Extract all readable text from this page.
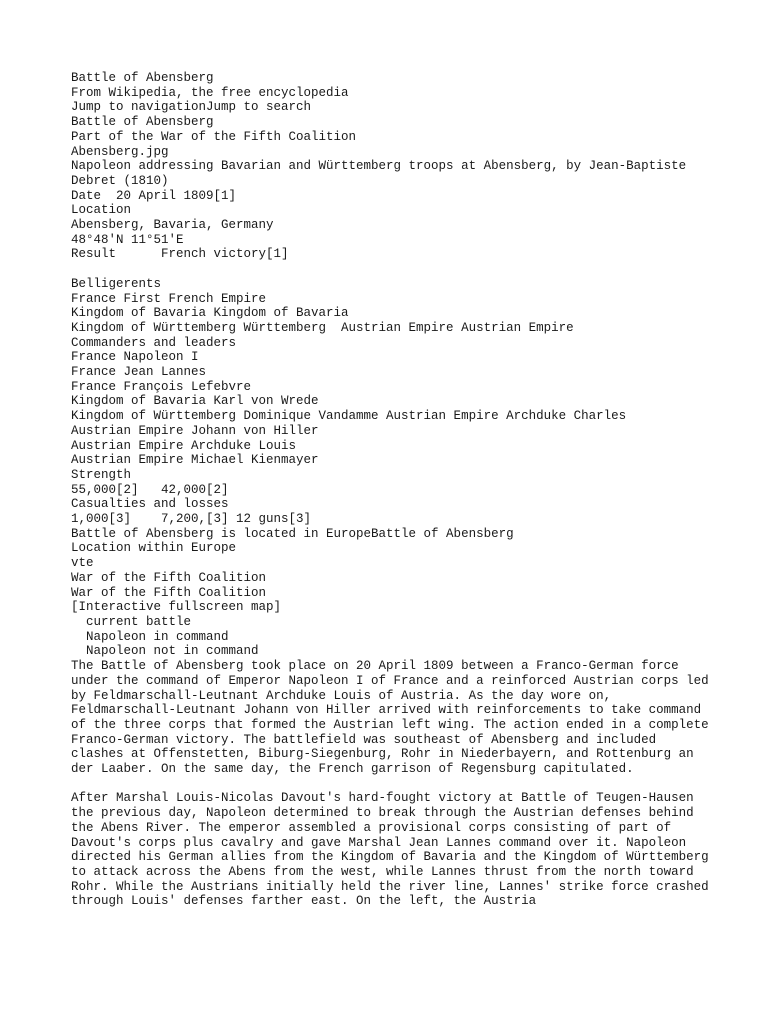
Battle of Abensberg
From Wikipedia, the free encyclopedia
Jump to navigationJump to search
Battle of Abensberg
Part of the War of the Fifth Coalition
Abensberg.jpg
Napoleon addressing Bavarian and Württemberg troops at Abensberg, by Jean-Baptiste
Debret (1810)
Date  20 April 1809[1]
Location
Abensberg, Bavaria, Germany
48°48′N 11°51′E
Result      French victory[1]
Belligerents
France First French Empire
Kingdom of Bavaria Kingdom of Bavaria
Kingdom of Württemberg Württemberg  Austrian Empire Austrian Empire
Commanders and leaders
France Napoleon I
France Jean Lannes
France François Lefebvre
Kingdom of Bavaria Karl von Wrede
Kingdom of Württemberg Dominique Vandamme Austrian Empire Archduke Charles
Austrian Empire Johann von Hiller
Austrian Empire Archduke Louis
Austrian Empire Michael Kienmayer
Strength
55,000[2]   42,000[2]
Casualties and losses
1,000[3]    7,200,[3] 12 guns[3]
Battle of Abensberg is located in EuropeBattle of Abensberg
Location within Europe
vte
War of the Fifth Coalition
War of the Fifth Coalition
[Interactive fullscreen map]
current battle
Napoleon in command
Napoleon not in command

The Battle of Abensberg took place on 20 April 1809 between a Franco-German force under the command of Emperor Napoleon I of France and a reinforced Austrian corps led by Feldmarschall-Leutnant Archduke Louis of Austria. As the day wore on, Feldmarschall-Leutnant Johann von Hiller arrived with reinforcements to take command of the three corps that formed the Austrian left wing. The action ended in a complete Franco-German victory. The battlefield was southeast of Abensberg and included clashes at Offenstetten, Biburg-Siegenburg, Rohr in Niederbayern, and Rottenburg an der Laaber. On the same day, the French garrison of Regensburg capitulated.

After Marshal Louis-Nicolas Davout's hard-fought victory at Battle of Teugen-Hausen the previous day, Napoleon determined to break through the Austrian defenses behind the Abens River. The emperor assembled a provisional corps consisting of part of Davout's corps plus cavalry and gave Marshal Jean Lannes command over it. Napoleon directed his German allies from the Kingdom of Bavaria and the Kingdom of Württemberg to attack across the Abens from the west, while Lannes thrust from the north toward Rohr. While the Austrians initially held the river line, Lannes' strike force crashed through Louis' defenses farther east. On the left, the Austria
